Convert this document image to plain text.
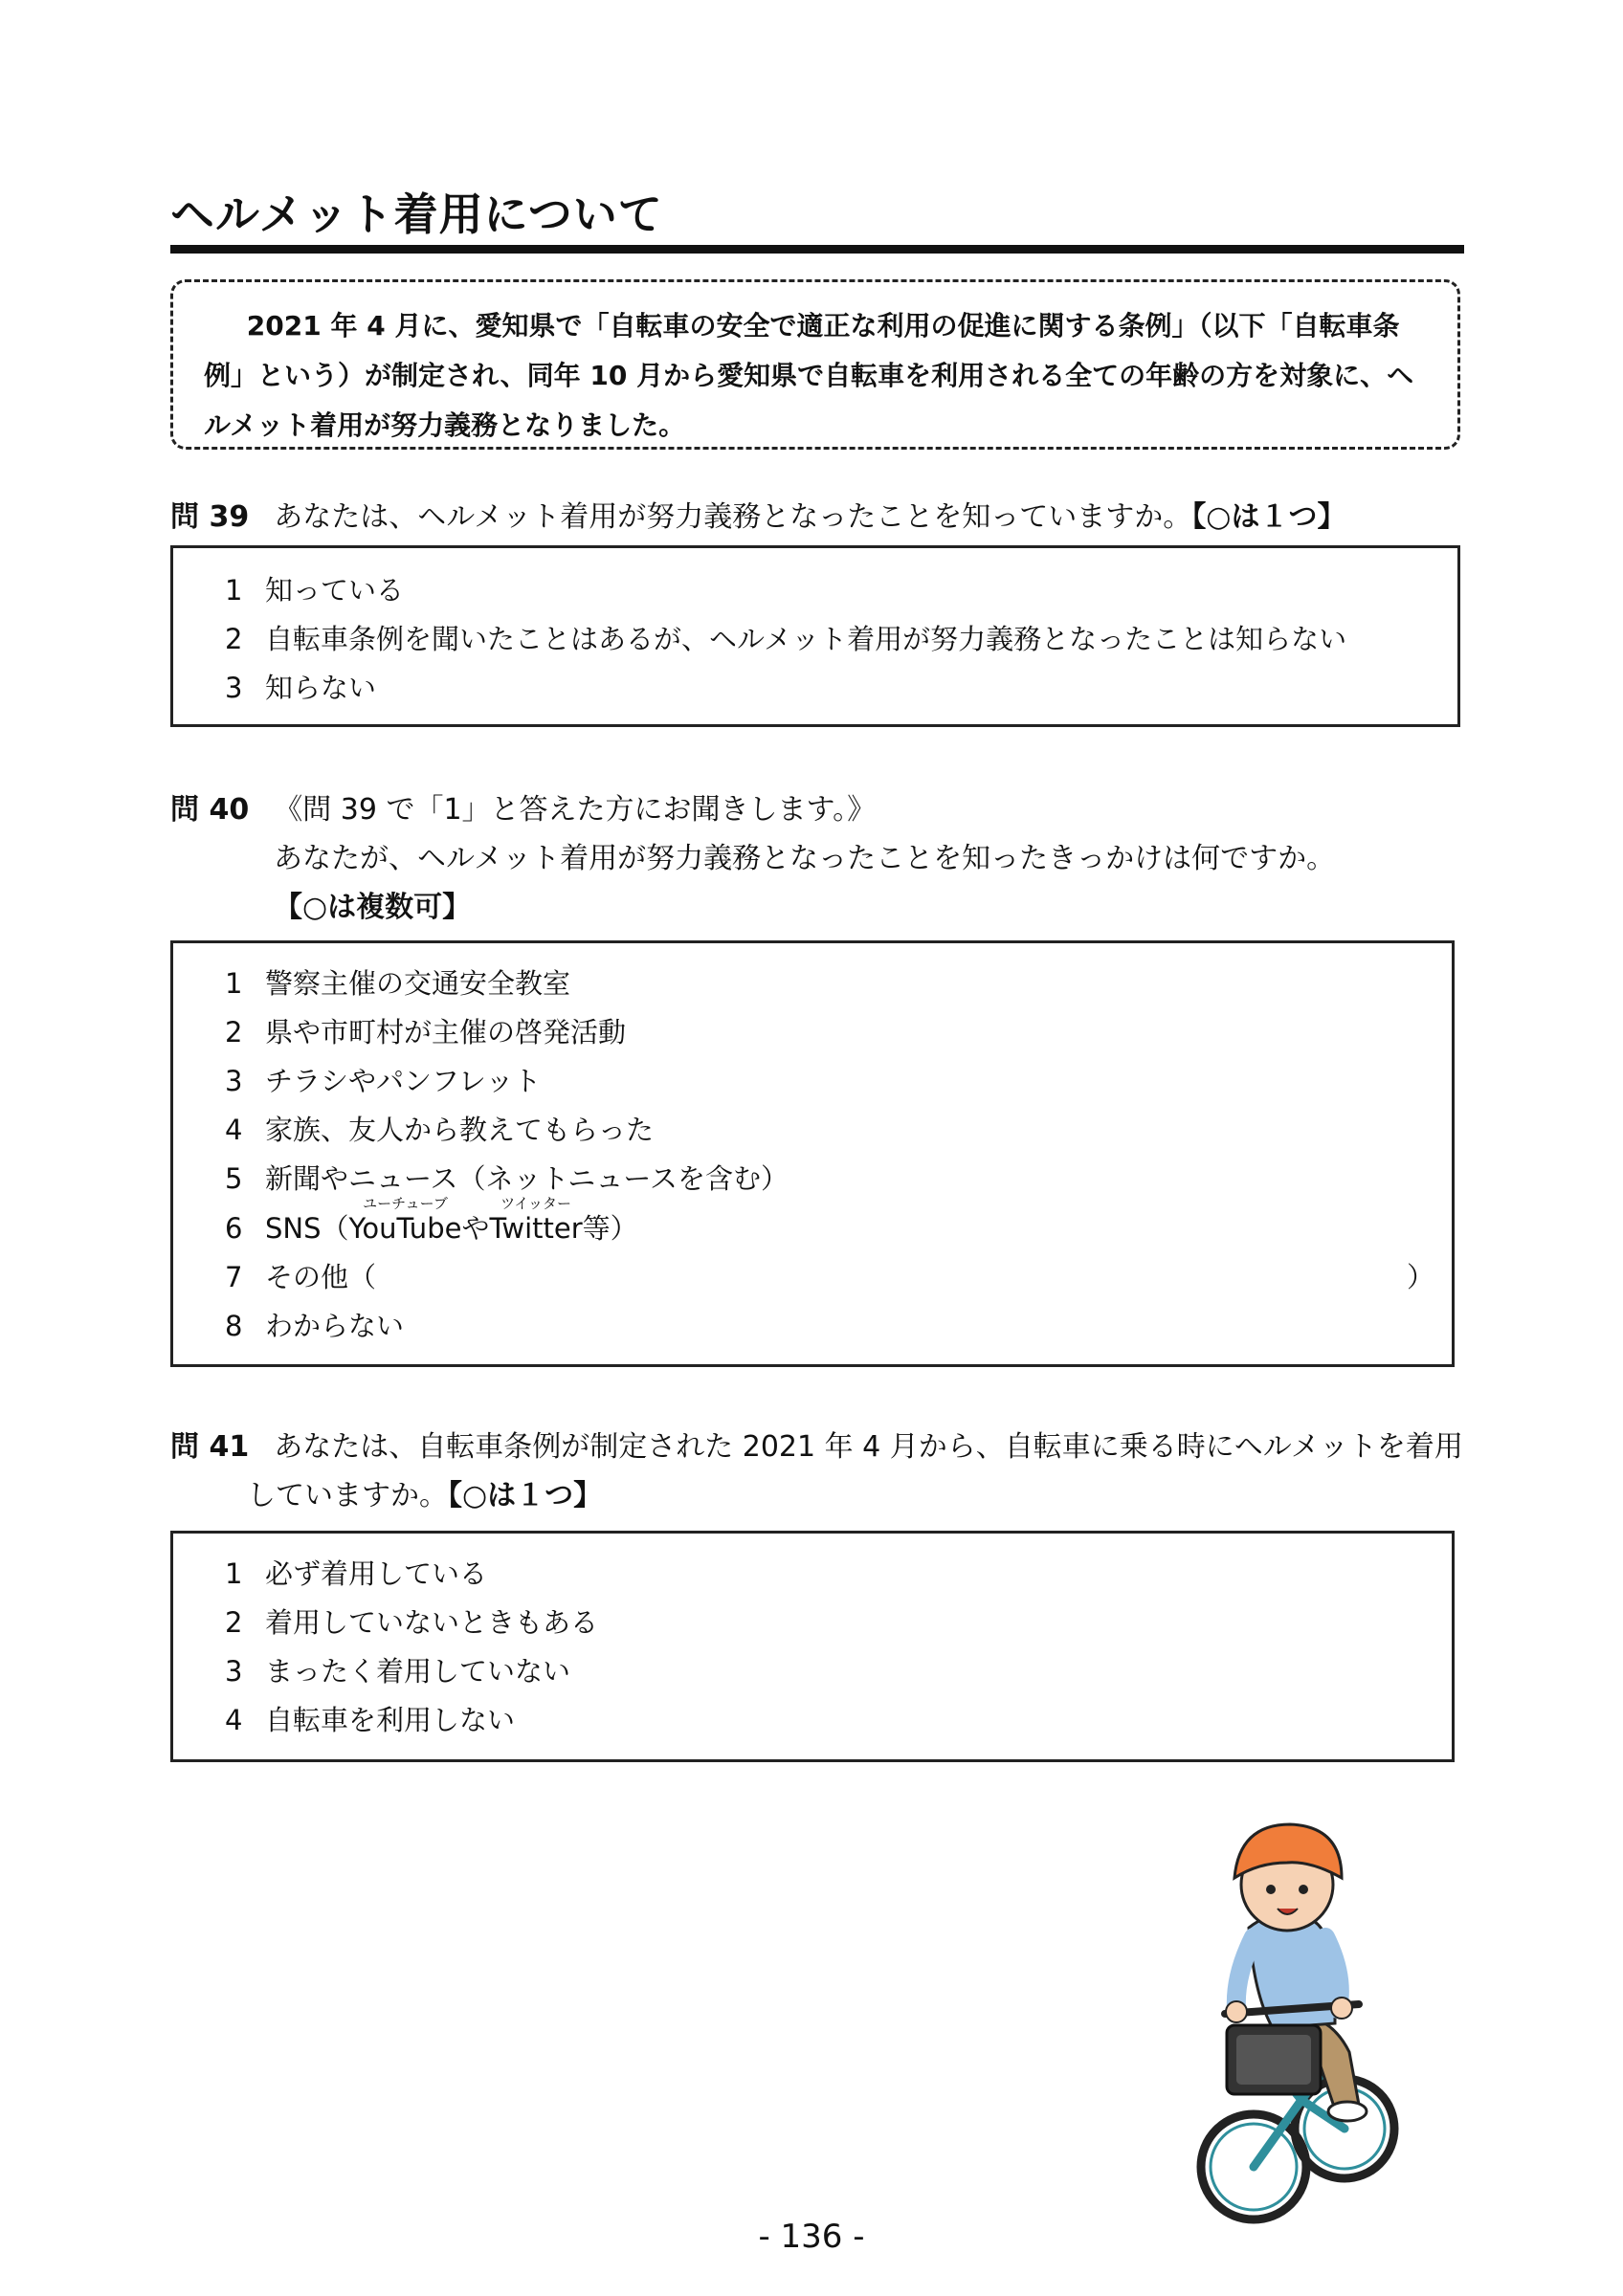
ヘルメット着用について

2021 年 4 月に、愛知県で「自転車の安全で適正な利用の促進に関する条例」（以下「自転車条例」という）が制定され、同年 10 月から愛知県で自転車を利用される全ての年齢の方を対象に、ヘルメット着用が努力義務となりました。

問 39 あなたは、ヘルメット着用が努力義務となったことを知っていますか。【○は１つ】
1 知っている
2 自転車条例を聞いたことはあるが、ヘルメット着用が努力義務となったことは知らない
3 知らない
問 40 《問 39 で「1」と答えた方にお聞きします。》
あなたが、ヘルメット着用が努力義務となったことを知ったきっかけは何ですか。
【○は複数可】
1 警察主催の交通安全教室
2 県や市町村が主催の啓発活動
3 チラシやパンフレット
4 家族、友人から教えてもらった
5 新聞やニュース（ネットニュースを含む）
6 SNS（
ユーチューブ
YouTubeや
ツイッター
Twitter等）
7 その他（	）
8 わからない
問 41 あなたは、自転車条例が制定された 2021 年 4 月から、自転車に乗る時にヘルメットを着用
していますか。【○は１つ】
1 必ず着用している
2 着用していないときもある
3 まったく着用していない
4 自転車を利用しない
- 136 -
